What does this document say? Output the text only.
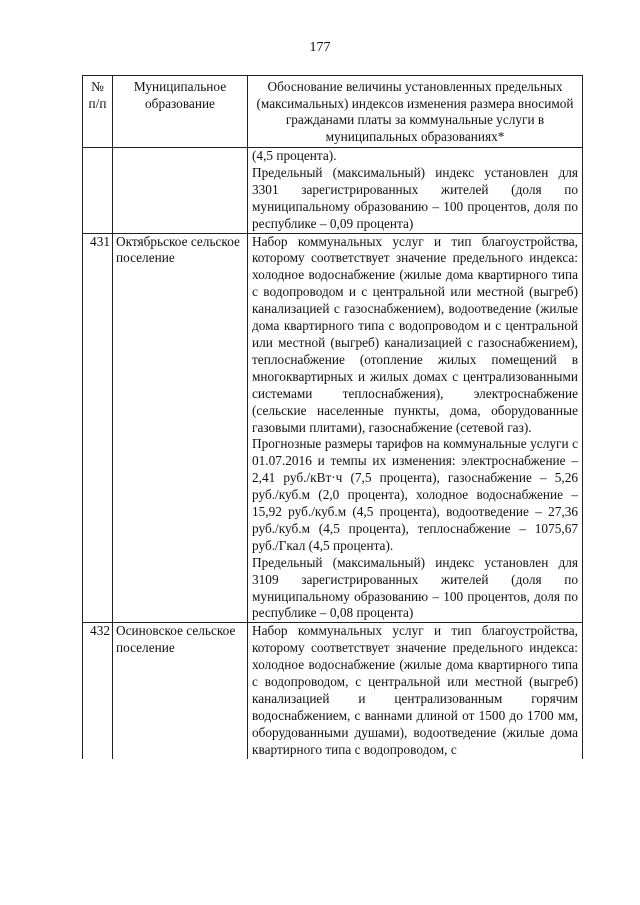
177
№ п/п	Муниципальное образование	Обоснование величины установленных предельных (максимальных) индексов изменения размера вносимой гражданами платы за коммунальные услуги в муниципальных образованиях*

		(4,5 процента).

Предельный (максимальный) индекс установлен для 3301 зарегистрированных жителей (доля по муниципальному образованию – 100 процентов, доля по республике – 0,09 процента)

431	Октябрьское сельское поселение	Набор коммунальных услуг и тип благоустройства, которому соответствует значение предельного индекса: холодное водоснабжение (жилые дома квартирного типа с водопроводом и с центральной или местной (выгреб) канализацией с газоснабжением), водоотведение (жилые дома квартирного типа с водопроводом и с центральной или местной (выгреб) канализацией с газоснабжением), теплоснабжение (отопление жилых помещений в многоквартирных и жилых домах с централизованными системами теплоснабжения), электроснабжение (сельские населенные пункты, дома, оборудованные газовыми плитами), газоснабжение (сетевой газ).

Прогнозные размеры тарифов на коммунальные услуги с 01.07.2016 и темпы их изменения: электроснабжение – 2,41 руб./кВт·ч (7,5 процента), газоснабжение – 5,26 руб./куб.м (2,0 процента), холодное водоснабжение – 15,92 руб./куб.м (4,5 процента), водоотведение – 27,36 руб./куб.м (4,5 процента), теплоснабжение – 1075,67 руб./Гкал (4,5 процента).

Предельный (максимальный) индекс установлен для 3109 зарегистрированных жителей (доля по муниципальному образованию – 100 процентов, доля по республике – 0,08 процента)

432	Осиновское сельское поселение	Набор коммунальных услуг и тип благоустройства, которому соответствует значение предельного индекса: холодное водоснабжение (жилые дома квартирного типа с водопроводом, с центральной или местной (выгреб) канализацией и централизованным горячим водоснабжением, с ваннами длиной от 1500 до 1700 мм, оборудованными душами), водоотведение (жилые дома квартирного типа с водопроводом, с
